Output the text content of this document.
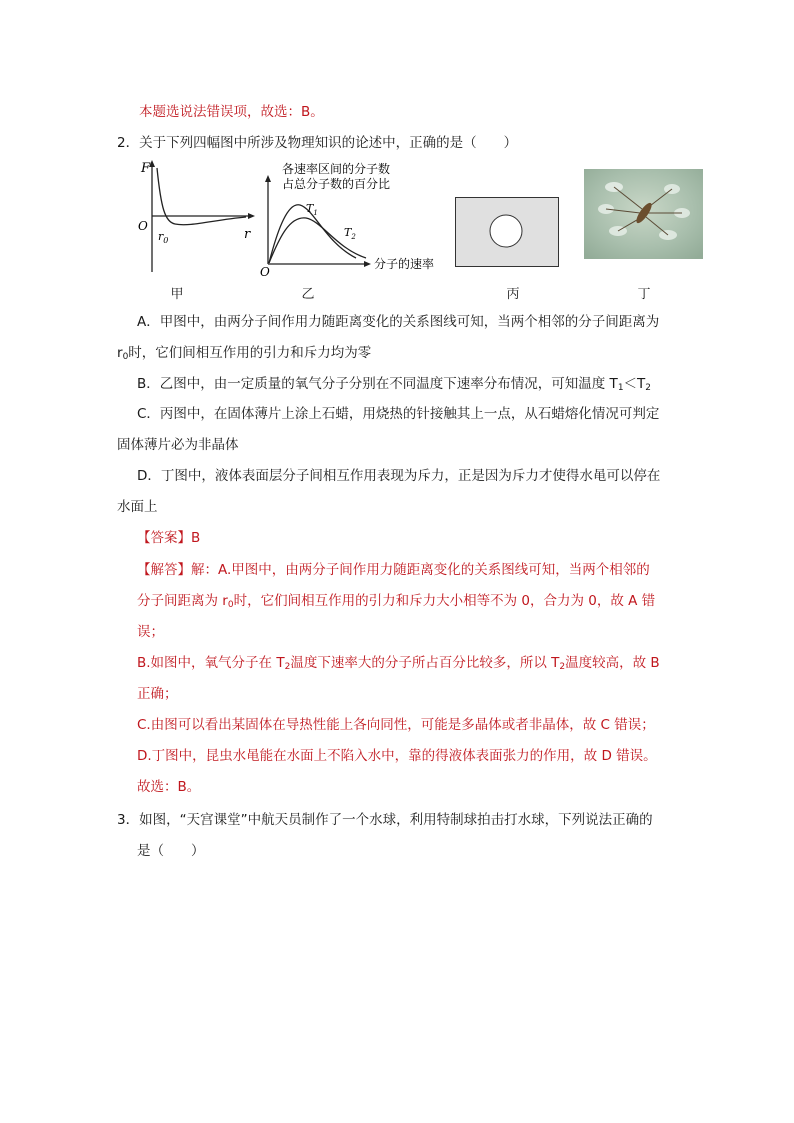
本题选说法错误项，故选：B。
2．关于下列四幅图中所涉及物理知识的论述中，正确的是（　　）
F
r
O
$r_0$
甲
各速率区间的分子数
占总分子数的百分比
$T_1$
$T_2$
分子的速率
O
乙	丙	丁
A．甲图中，由两分子间作用力随距离变化的关系图线可知，当两个相邻的分子间距离为
$r_0$时，它们间相互作用的引力和斥力均为零
B．乙图中，由一定质量的氧气分子分别在不同温度下速率分布情况，可知温度 $T_1<T_2$
C．丙图中，在固体薄片上涂上石蜡，用烧热的针接触其上一点，从石蜡熔化情况可判定
固体薄片必为非晶体
D．丁图中，液体表面层分子间相互作用表现为斥力，正是因为斥力才使得水黾可以停在
水面上
【答案】B
【解答】解：A.甲图中，由两分子间作用力随距离变化的关系图线可知，当两个相邻的
分子间距离为 $r_0$时，它们间相互作用的引力和斥力大小相等不为 0，合力为 0，故 A 错
误；
B.如图中，氧气分子在 $T_2$温度下速率大的分子所占百分比较多，所以 $T_2$温度较高，故 B
正确；
C.由图可以看出某固体在导热性能上各向同性，可能是多晶体或者非晶体，故 C 错误；
D.丁图中，昆虫水黾能在水面上不陷入水中，靠的得液体表面张力的作用，故 D 错误。
故选：B。
3．如图，“天宫课堂”中航天员制作了一个水球，利用特制球拍击打水球，下列说法正确的
是（　　）
